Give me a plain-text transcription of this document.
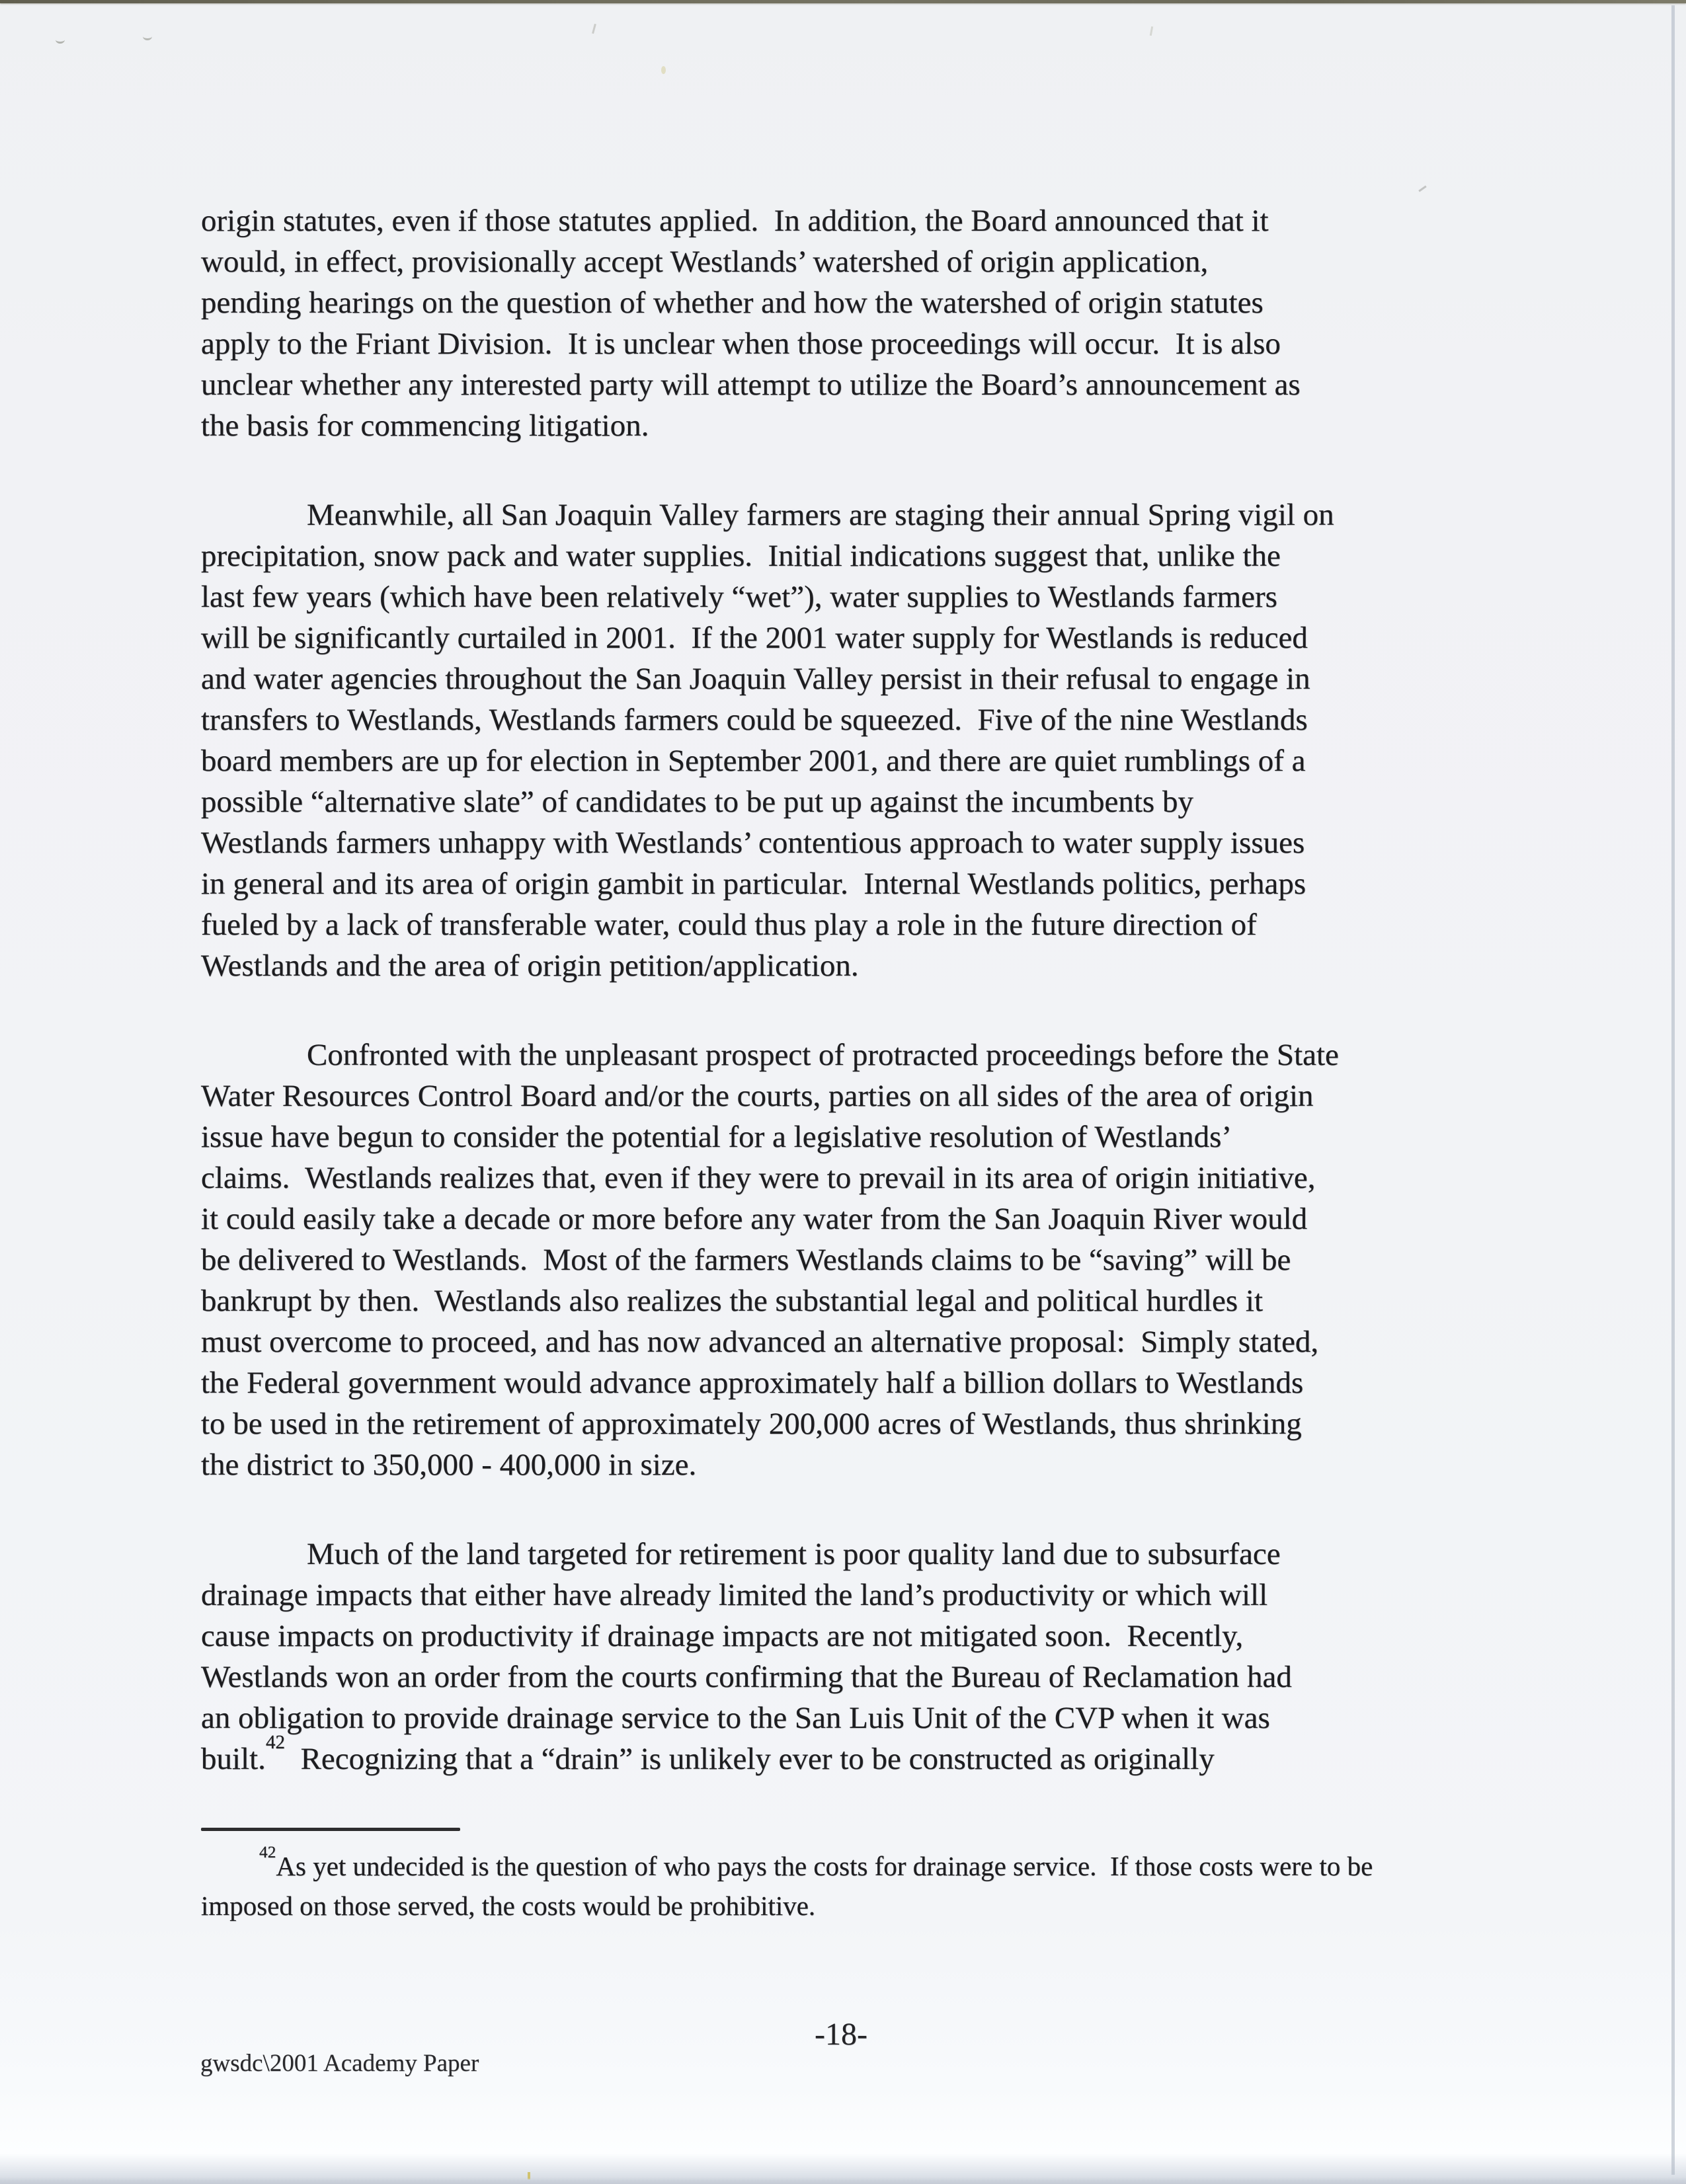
origin statutes, even if those statutes applied.  In addition, the Board announced that it
would, in effect, provisionally accept Westlands’ watershed of origin application,
pending hearings on the question of whether and how the watershed of origin statutes
apply to the Friant Division.  It is unclear when those proceedings will occur.  It is also
unclear whether any interested party will attempt to utilize the Board’s announcement as
the basis for commencing litigation.
Meanwhile, all San Joaquin Valley farmers are staging their annual Spring vigil on
precipitation, snow pack and water supplies.  Initial indications suggest that, unlike the
last few years (which have been relatively “wet”), water supplies to Westlands farmers
will be significantly curtailed in 2001.  If the 2001 water supply for Westlands is reduced
and water agencies throughout the San Joaquin Valley persist in their refusal to engage in
transfers to Westlands, Westlands farmers could be squeezed.  Five of the nine Westlands
board members are up for election in September 2001, and there are quiet rumblings of a
possible “alternative slate” of candidates to be put up against the incumbents by
Westlands farmers unhappy with Westlands’ contentious approach to water supply issues
in general and its area of origin gambit in particular.  Internal Westlands politics, perhaps
fueled by a lack of transferable water, could thus play a role in the future direction of
Westlands and the area of origin petition/application.
Confronted with the unpleasant prospect of protracted proceedings before the State
Water Resources Control Board and/or the courts, parties on all sides of the area of origin
issue have begun to consider the potential for a legislative resolution of Westlands’
claims.  Westlands realizes that, even if they were to prevail in its area of origin initiative,
it could easily take a decade or more before any water from the San Joaquin River would
be delivered to Westlands.  Most of the farmers Westlands claims to be “saving” will be
bankrupt by then.  Westlands also realizes the substantial legal and political hurdles it
must overcome to proceed, and has now advanced an alternative proposal:  Simply stated,
the Federal government would advance approximately half a billion dollars to Westlands
to be used in the retirement of approximately 200,000 acres of Westlands, thus shrinking
the district to 350,000 - 400,000 in size.
Much of the land targeted for retirement is poor quality land due to subsurface
drainage impacts that either have already limited the land’s productivity or which will
cause impacts on productivity if drainage impacts are not mitigated soon.  Recently,
Westlands won an order from the courts confirming that the Bureau of Reclamation had
an obligation to provide drainage service to the San Luis Unit of the CVP when it was
built.$^{42}$  Recognizing that a “drain” is unlikely ever to be constructed as originally
$^{42}$As yet undecided is the question of who pays the costs for drainage service.  If those costs were to be
imposed on those served, the costs would be prohibitive.
-18-
gwsdc\2001 Academy Paper
